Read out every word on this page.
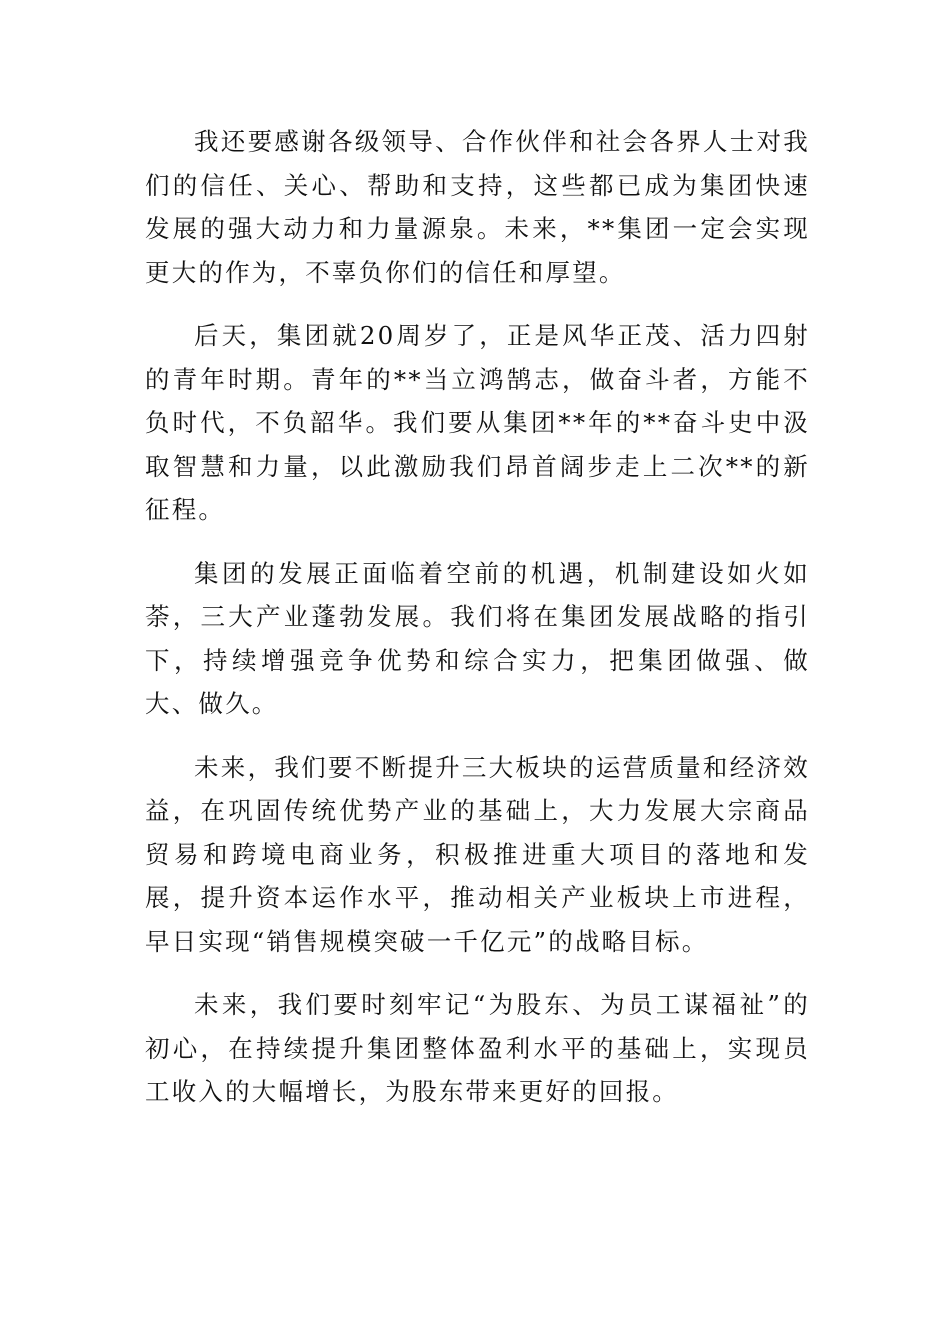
我还要感谢各级领导、合作伙伴和社会各界人士对我们的信任、关心、帮助和支持，这些都已成为集团快速发展的强大动力和力量源泉。未来，**集团一定会实现更大的作为，不辜负你们的信任和厚望。

后天，集团就20周岁了，正是风华正茂、活力四射的青年时期。青年的**当立鸿鹄志，做奋斗者，方能不负时代，不负韶华。我们要从集团**年的**奋斗史中汲取智慧和力量，以此激励我们昂首阔步走上二次**的新征程。

集团的发展正面临着空前的机遇，机制建设如火如荼，三大产业蓬勃发展。我们将在集团发展战略的指引下，持续增强竞争优势和综合实力，把集团做强、做大、做久。

未来，我们要不断提升三大板块的运营质量和经济效益，在巩固传统优势产业的基础上，大力发展大宗商品贸易和跨境电商业务，积极推进重大项目的落地和发展，提升资本运作水平，推动相关产业板块上市进程，早日实现“销售规模突破一千亿元”的战略目标。

未来，我们要时刻牢记“为股东、为员工谋福祉”的初心，在持续提升集团整体盈利水平的基础上，实现员工收入的大幅增长，为股东带来更好的回报。
